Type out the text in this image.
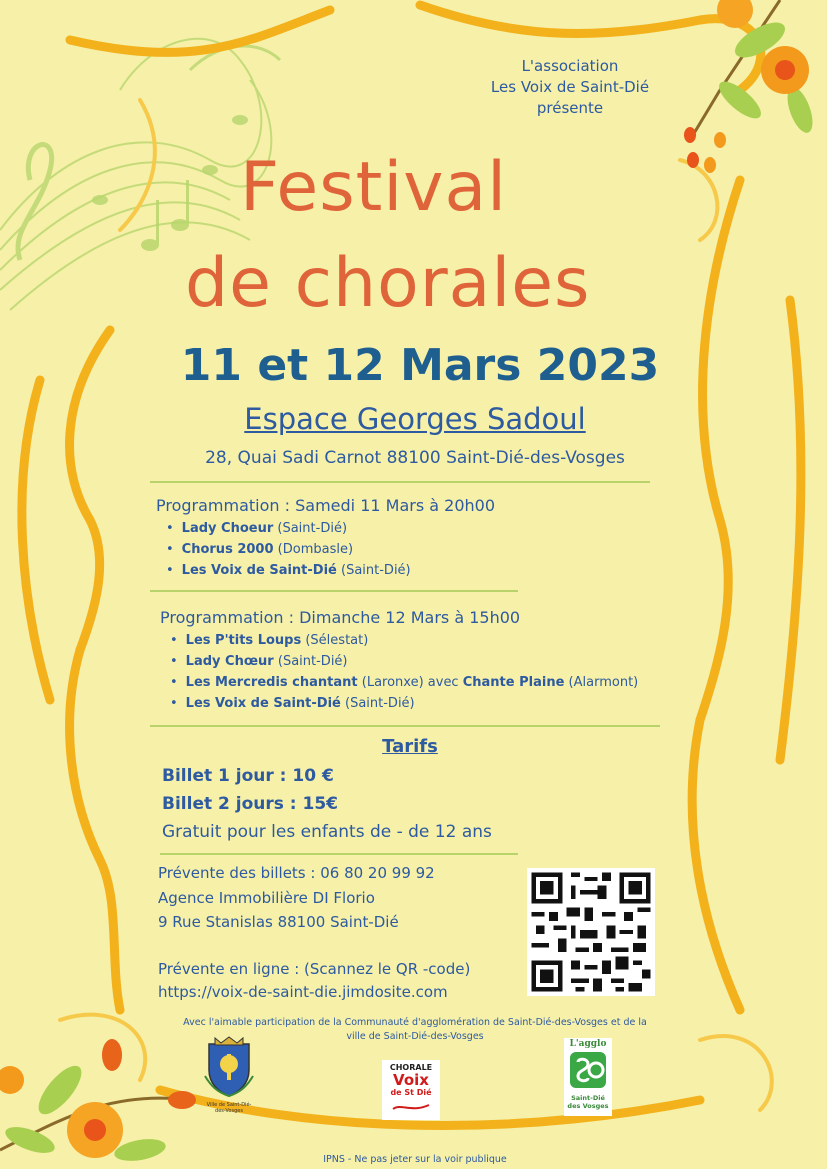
L'association
Les Voix de Saint-Dié
présente
Festival
de chorales
11 et 12 Mars 2023
Espace Georges Sadoul
28, Quai Sadi Carnot 88100 Saint-Dié-des-Vosges
Programmation : Samedi 11 Mars à 20h00
• Lady Choeur (Saint-Dié)
• Chorus 2000 (Dombasle)
• Les Voix de Saint-Dié (Saint-Dié)
Programmation : Dimanche 12 Mars à 15h00
• Les P'tits Loups (Sélestat)
• Lady Chœur (Saint-Dié)
• Les Mercredis chantant (Laronxe) avec Chante Plaine (Alarmont)
• Les Voix de Saint-Dié (Saint-Dié)
Tarifs
Billet 1 jour : 10 €
Billet 2 jours : 15€
Gratuit pour les enfants de - de 12 ans
Prévente des billets : 06 80 20 99 92
Agence Immobilière DI Florio
9 Rue Stanislas 88100 Saint-Dié
Prévente en ligne : (Scannez le QR -code)
https://voix-de-saint-die.jimdosite.com
Avec l'aimable participation de la Communauté d'agglomération de Saint-Dié-des-Vosges et de la ville de Saint-Dié-des-Vosges
Ville de Saint-Dié-des-Vosges
CHORALE
Voix
de St Dié
L'agglo
Saint-Dié des Vosges
IPNS - Ne pas jeter sur la voir publique
